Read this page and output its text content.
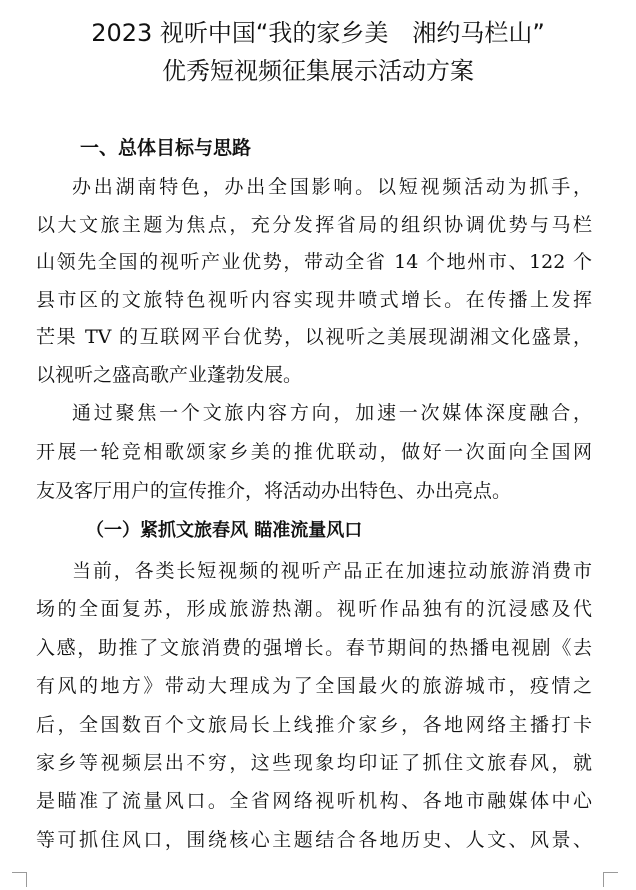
2023 视听中国“我的家乡美　湘约马栏山”
优秀短视频征集展示活动方案
一、总体目标与思路
办出湖南特色，办出全国影响。以短视频活动为抓手，
以大文旅主题为焦点，充分发挥省局的组织协调优势与马栏
山领先全国的视听产业优势，带动全省 14 个地州市、122 个
县市区的文旅特色视听内容实现井喷式增长。在传播上发挥
芒果 TV 的互联网平台优势，以视听之美展现湖湘文化盛景，
以视听之盛高歌产业蓬勃发展。
通过聚焦一个文旅内容方向，加速一次媒体深度融合，
开展一轮竞相歌颂家乡美的推优联动，做好一次面向全国网
友及客厅用户的宣传推介，将活动办出特色、办出亮点。
（一）紧抓文旅春风 瞄准流量风口
当前，各类长短视频的视听产品正在加速拉动旅游消费市
场的全面复苏，形成旅游热潮。视听作品独有的沉浸感及代
入感，助推了文旅消费的强增长。春节期间的热播电视剧《去
有风的地方》带动大理成为了全国最火的旅游城市，疫情之
后，全国数百个文旅局长上线推介家乡，各地网络主播打卡
家乡等视频层出不穷，这些现象均印证了抓住文旅春风，就
是瞄准了流量风口。全省网络视听机构、各地市融媒体中心
等可抓住风口，围绕核心主题结合各地历史、人文、风景、
